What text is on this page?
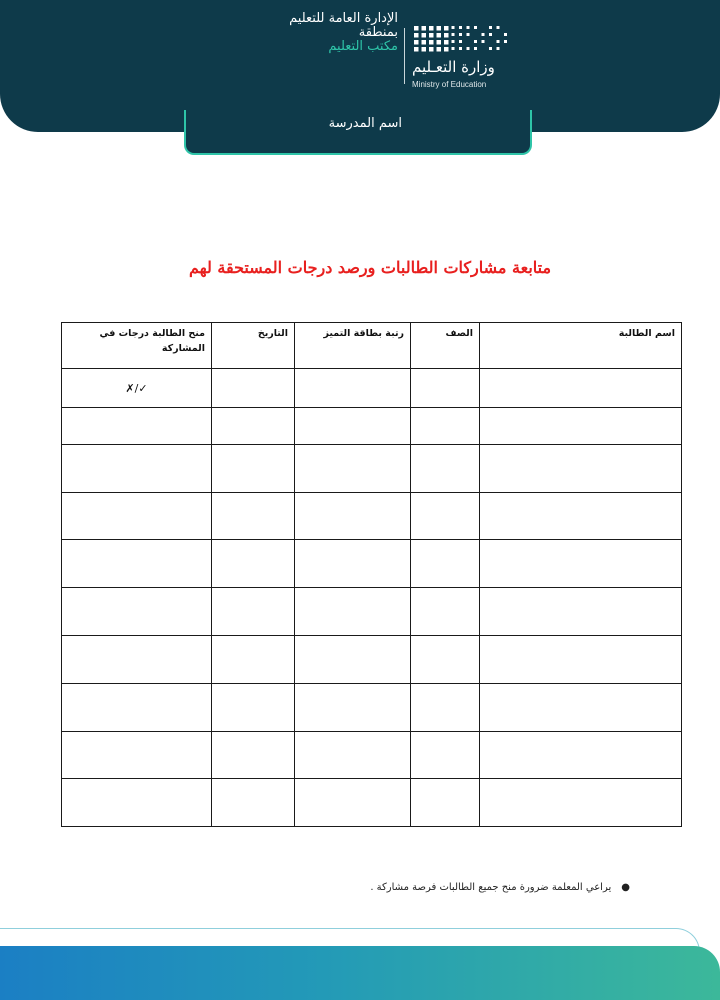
الإدارة العامة للتعليم
بمنطقة
مكتب التعليم
وزارة التعـليم
Ministry of Education
اسم المدرسة
متابعة مشاركات الطالبات ورصد درجات المستحقة لهم
اسم الطالبة	الصف	رتبة بطاقة التميز	التاريخ	منح الطالبة درجات في المشاركة
				✓/✗

●يراعي المعلمة ضرورة منح جميع الطالبات فرصة مشاركة .
